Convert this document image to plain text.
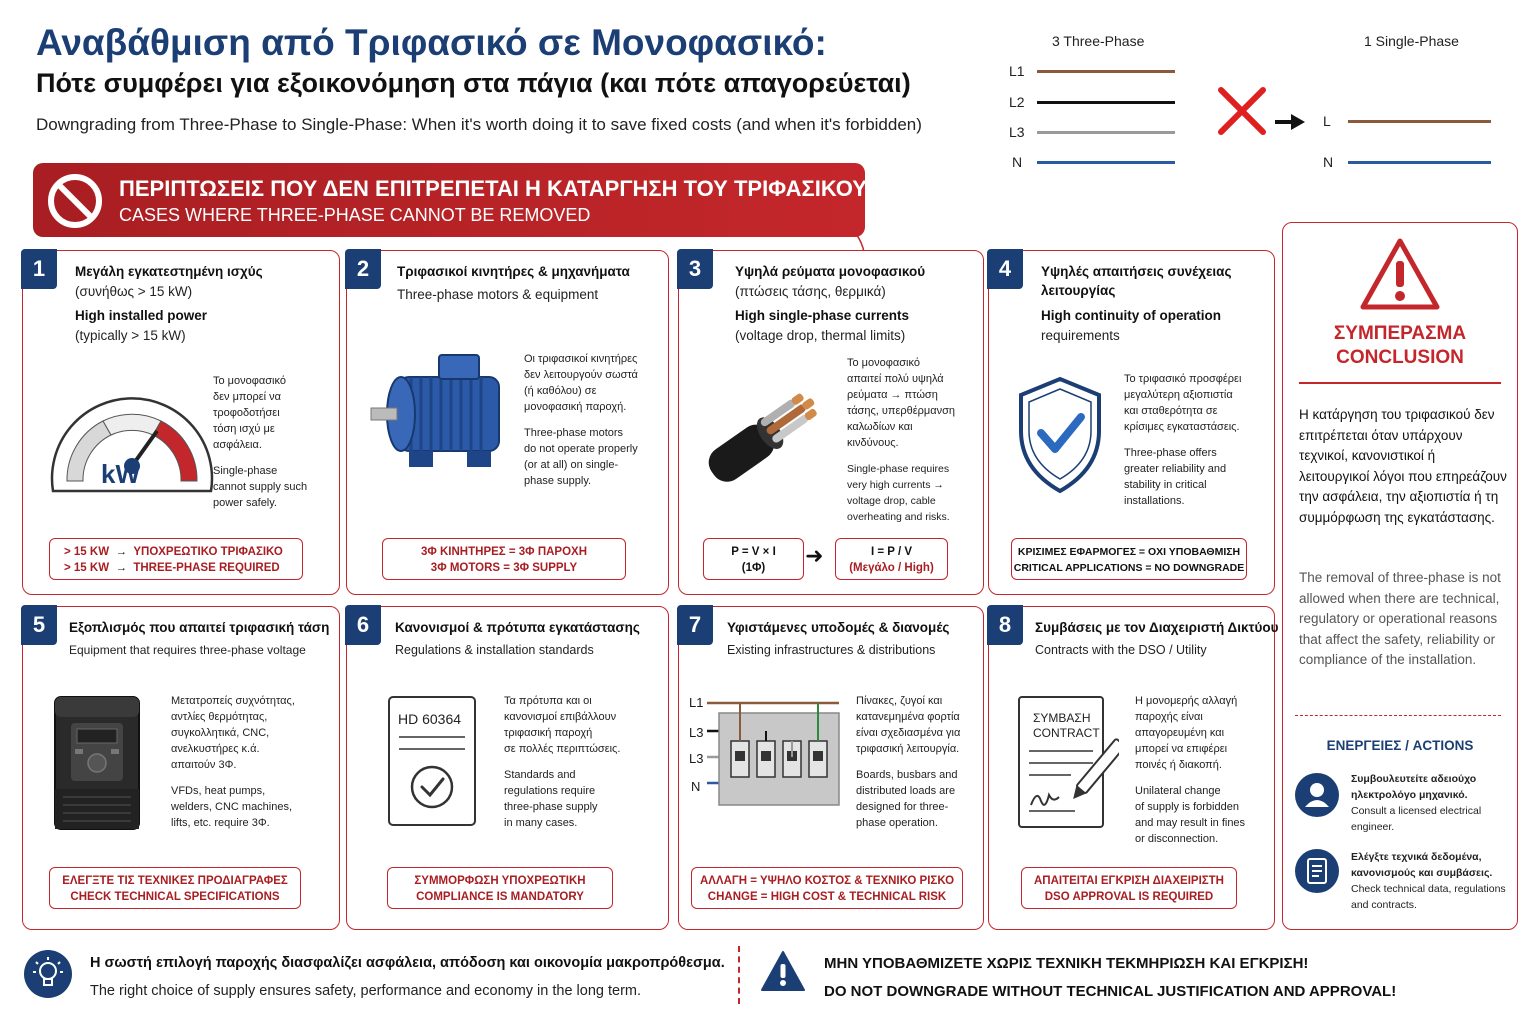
Αναβάθμιση από Τριφασικό σε Μονοφασικό:
Πότε συμφέρει για εξοικονόμηση στα πάγια (και πότε απαγορεύεται)
Downgrading from Three-Phase to Single-Phase: When it's worth doing it to save fixed costs (and when it's forbidden)
3 Three-Phase	1 Single-Phase
L1
L2
L3
N
L
N
ΠΕΡΙΠΤΩΣΕΙΣ ΠΟΥ ΔΕΝ ΕΠΙΤΡΕΠΕΤΑΙ Η ΚΑΤΑΡΓΗΣΗ ΤΟΥ ΤΡΙΦΑΣΙΚΟΥ
CASES WHERE THREE-PHASE CANNOT BE REMOVED
1	Μεγάλη εγκατεστημένη ισχύς
(συνήθως > 15 kW)
High installed power
(typically > 15 kW)
kW

Το μονοφασικό
δεν μπορεί να
τροφοδοτήσει
τόση ισχύ με
ασφάλεια.

Single-phase
cannot supply such
power safely.

> 15 KW → ΥΠΟΧΡΕΩΤΙΚΟ ΤΡΙΦΑΣΙΚΟ
> 15 KW → THREE-PHASE REQUIRED
2	Τριφασικοί κινητήρες & μηχανήματα
Three-phase motors & equipment

Οι τριφασικοί κινητήρες
δεν λειτουργούν σωστά
(ή καθόλου) σε
μονοφασική παροχή.

Three-phase motors
do not operate properly
(or at all) on single-
phase supply.

3Φ ΚΙΝΗΤΗΡΕΣ = 3Φ ΠΑΡΟΧΗ
3Φ MOTORS = 3Φ SUPPLY
3	Υψηλά ρεύματα μονοφασικού
(πτώσεις τάσης, θερμικά)
High single-phase currents
(voltage drop, thermal limits)

Το μονοφασικό
απαιτεί πολύ υψηλά
ρεύματα → πτώση
τάσης, υπερθέρμανση
καλωδίων και
κινδύνους.

Single-phase requires
very high currents →
voltage drop, cable
overheating and risks.

P = V × I
(1Φ)	➜	I = P / V
(Μεγάλο / High)
4	Υψηλές απαιτήσεις συνέχειας
λειτουργίας
High continuity of operation
requirements

Το τριφασικό προσφέρει
μεγαλύτερη αξιοπιστία
και σταθερότητα σε
κρίσιμες εγκαταστάσεις.

Three-phase offers
greater reliability and
stability in critical
installations.

ΚΡΙΣΙΜΕΣ ΕΦΑΡΜΟΓΕΣ = ΟΧΙ ΥΠΟΒΑΘΜΙΣΗ
CRITICAL APPLICATIONS = NO DOWNGRADE
5	Εξοπλισμός που απαιτεί τριφασική τάση
Equipment that requires three-phase voltage

Μετατροπείς συχνότητας,
αντλίες θερμότητας,
συγκολλητικά, CNC,
ανελκυστήρες κ.ά.
απαιτούν 3Φ.

VFDs, heat pumps,
welders, CNC machines,
lifts, etc. require 3Φ.

ΕΛΕΓΞΤΕ ΤΙΣ ΤΕΧΝΙΚΕΣ ΠΡΟΔΙΑΓΡΑΦΕΣ
CHECK TECHNICAL SPECIFICATIONS
6	Κανονισμοί & πρότυπα εγκατάστασης
Regulations & installation standards
HD 60364

Τα πρότυπα και οι
κανονισμοί επιβάλλουν
τριφασική παροχή
σε πολλές περιπτώσεις.

Standards and
regulations require
three-phase supply
in many cases.

ΣΥΜΜΟΡΦΩΣΗ ΥΠΟΧΡΕΩΤΙΚΗ
COMPLIANCE IS MANDATORY
7	Υφιστάμενες υποδομές & διανομές
Existing infrastructures & distributions
L1
L3
L3
N

Πίνακες, ζυγοί και
κατανεμημένα φορτία
είναι σχεδιασμένα για
τριφασική λειτουργία.

Boards, busbars and
distributed loads are
designed for three-
phase operation.

ΑΛΛΑΓΗ = ΥΨΗΛΟ ΚΟΣΤΟΣ & ΤΕΧΝΙΚΟ ΡΙΣΚΟ
CHANGE = HIGH COST & TECHNICAL RISK
8	Συμβάσεις με τον Διαχειριστή Δικτύου
Contracts with the DSO / Utility
ΣΥΜΒΑΣΗ
CONTRACT

Η μονομερής αλλαγή
παροχής είναι
απαγορευμένη και
μπορεί να επιφέρει
ποινές ή διακοπή.

Unilateral change
of supply is forbidden
and may result in fines
or disconnection.

ΑΠΑΙΤΕΙΤΑΙ ΕΓΚΡΙΣΗ ΔΙΑΧΕΙΡΙΣΤΗ
DSO APPROVAL IS REQUIRED
ΣΥΜΠΕΡΑΣΜΑ
CONCLUSION
Η κατάργηση του τριφασικού δεν επιτρέπεται όταν υπάρχουν τεχνικοί, κανονιστικοί ή λειτουργικοί λόγοι που επηρεάζουν την ασφάλεια, την αξιοπιστία ή τη συμμόρφωση της εγκατάστασης.
The removal of three-phase is not allowed when there are technical, regulatory or operational reasons that affect the safety, reliability or compliance of the installation.
ΕΝΕΡΓΕΙΕΣ / ACTIONS
Συμβουλευτείτε αδειούχο ηλεκτρολόγο μηχανικό.
Consult a licensed electrical engineer.
Ελέγξτε τεχνικά δεδομένα, κανονισμούς και συμβάσεις.
Check technical data, regulations and contracts.
Η σωστή επιλογή παροχής διασφαλίζει ασφάλεια, απόδοση και οικονομία μακροπρόθεσμα.
The right choice of supply ensures safety, performance and economy in the long term.
ΜΗΝ ΥΠΟΒΑΘΜΙΖΕΤΕ ΧΩΡΙΣ ΤΕΧΝΙΚΗ ΤΕΚΜΗΡΙΩΣΗ ΚΑΙ ΕΓΚΡΙΣΗ!
DO NOT DOWNGRADE WITHOUT TECHNICAL JUSTIFICATION AND APPROVAL!
